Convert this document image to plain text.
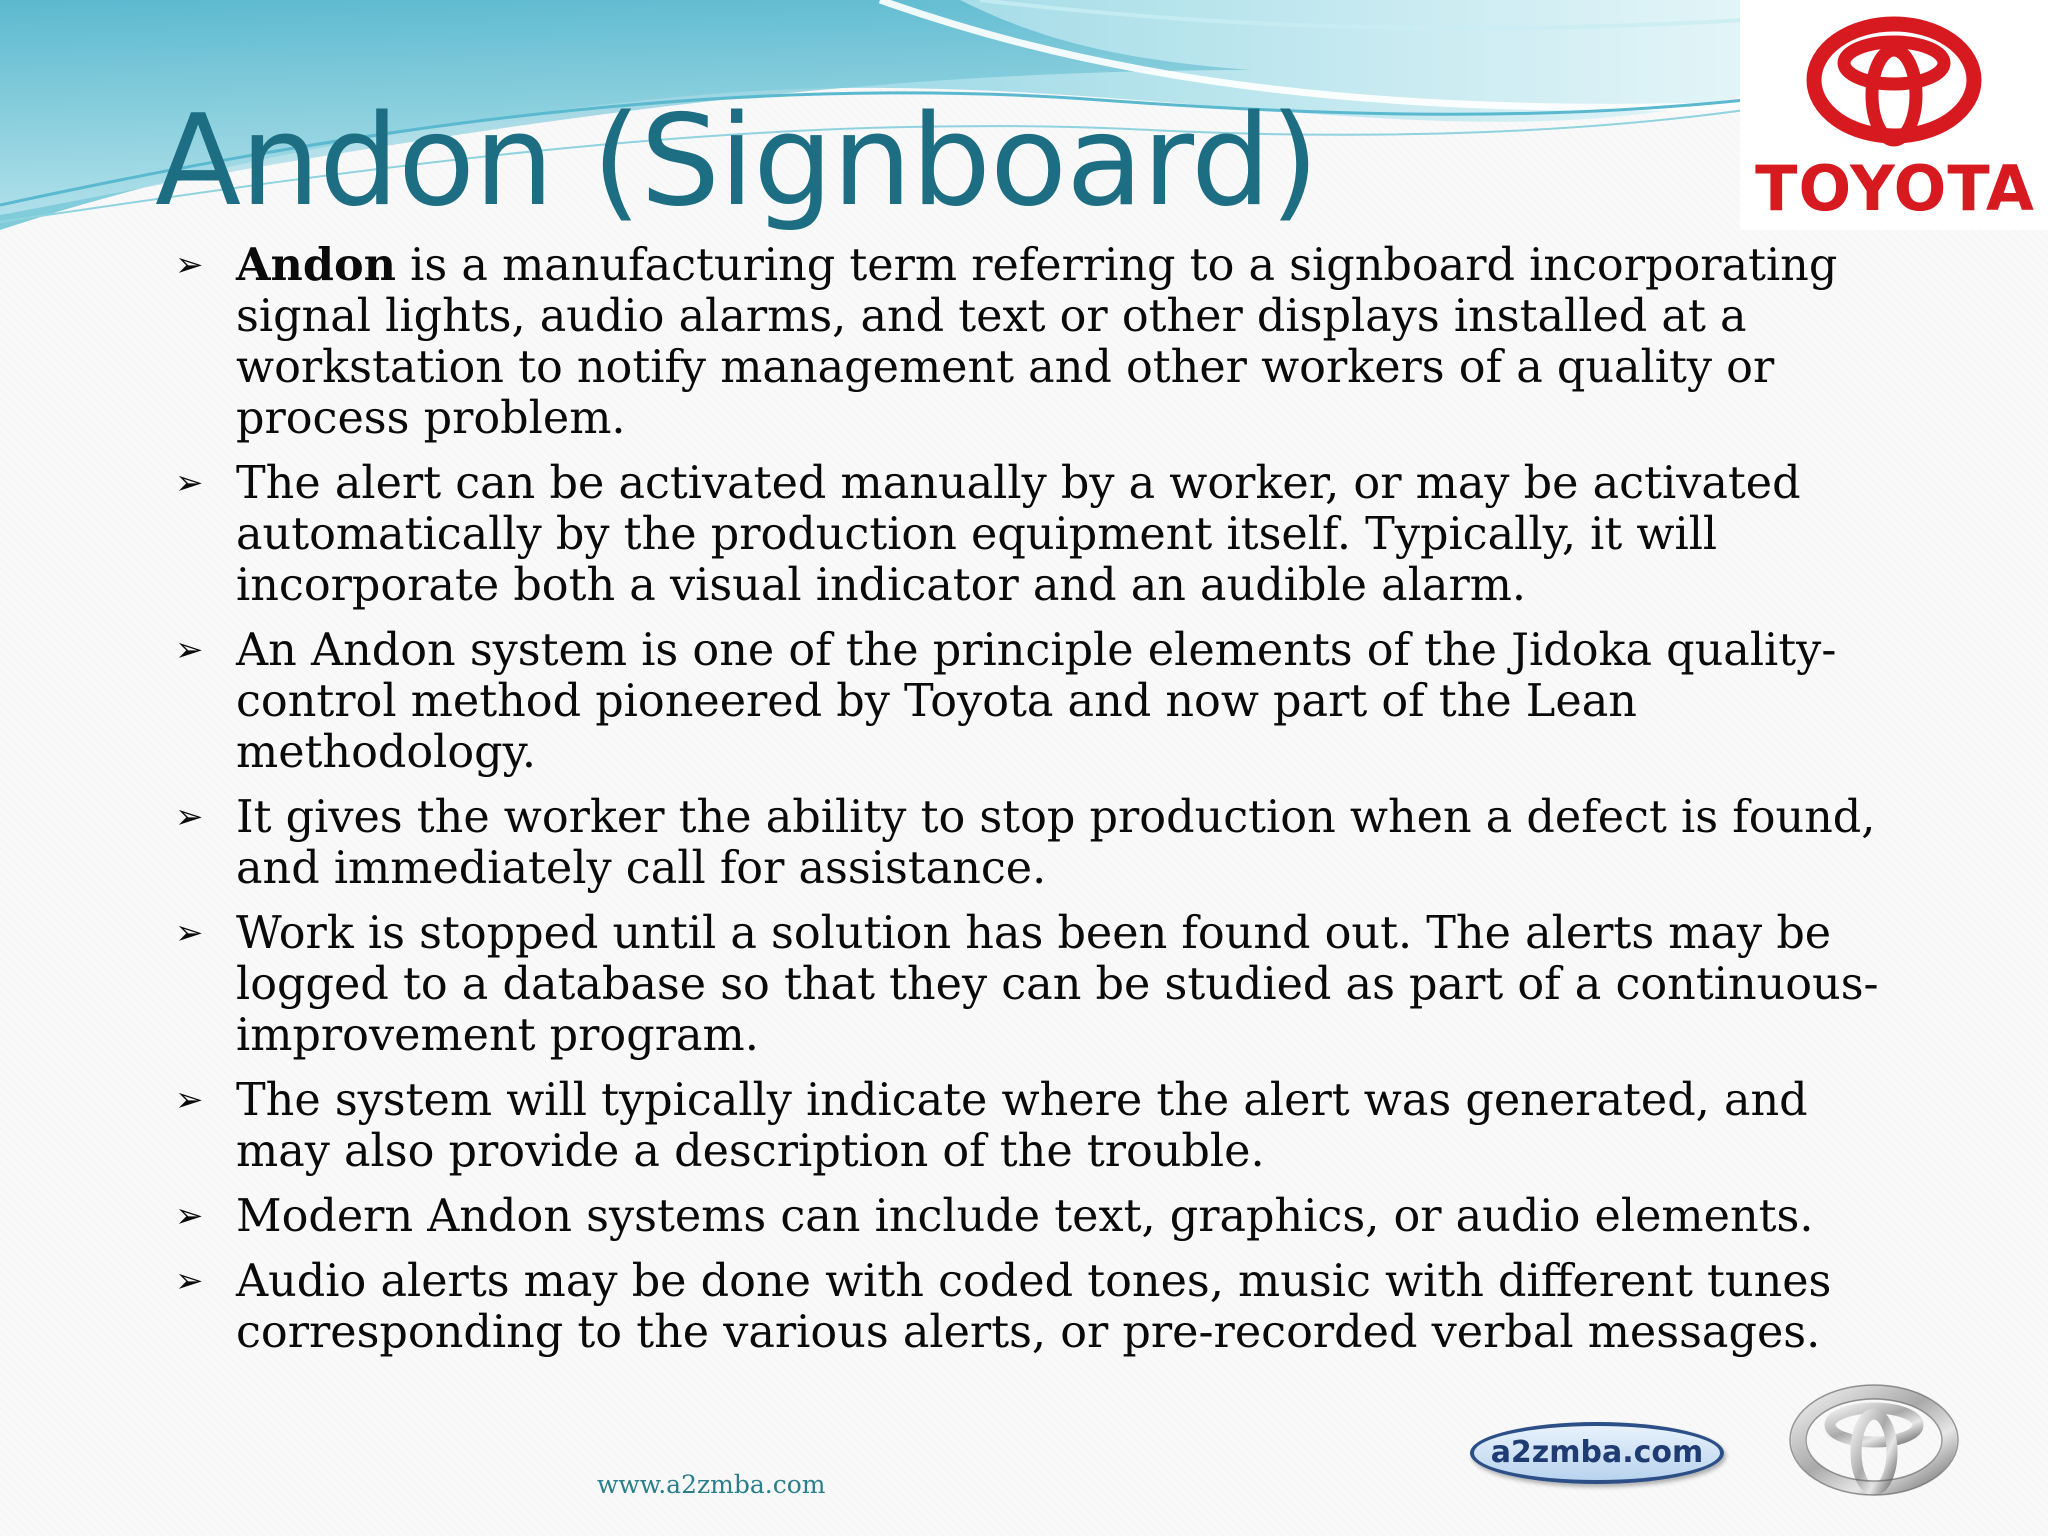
TOYOTA
Andon (Signboard)
➢ Andon is a manufacturing term referring to a signboard incorporating signal lights, audio alarms, and text or other displays installed at a workstation to notify management and other workers of a quality or process problem.
➢ The alert can be activated manually by a worker, or may be activated automatically by the production equipment itself. Typically, it will incorporate both a visual indicator and an audible alarm.
➢ An Andon system is one of the principle elements of the Jidoka quality-control method pioneered by Toyota and now part of the Lean methodology.
➢ It gives the worker the ability to stop production when a defect is found, and immediately call for assistance.
➢ Work is stopped until a solution has been found out. The alerts may be logged to a database so that they can be studied as part of a continuous-improvement program.
➢ The system will typically indicate where the alert was generated, and may also provide a description of the trouble.
➢ Modern Andon systems can include text, graphics, or audio elements.
➢ Audio alerts may be done with coded tones, music with different tunes corresponding to the various alerts, or pre-recorded verbal messages.
www.a2zmba.com
a2zmba.com
